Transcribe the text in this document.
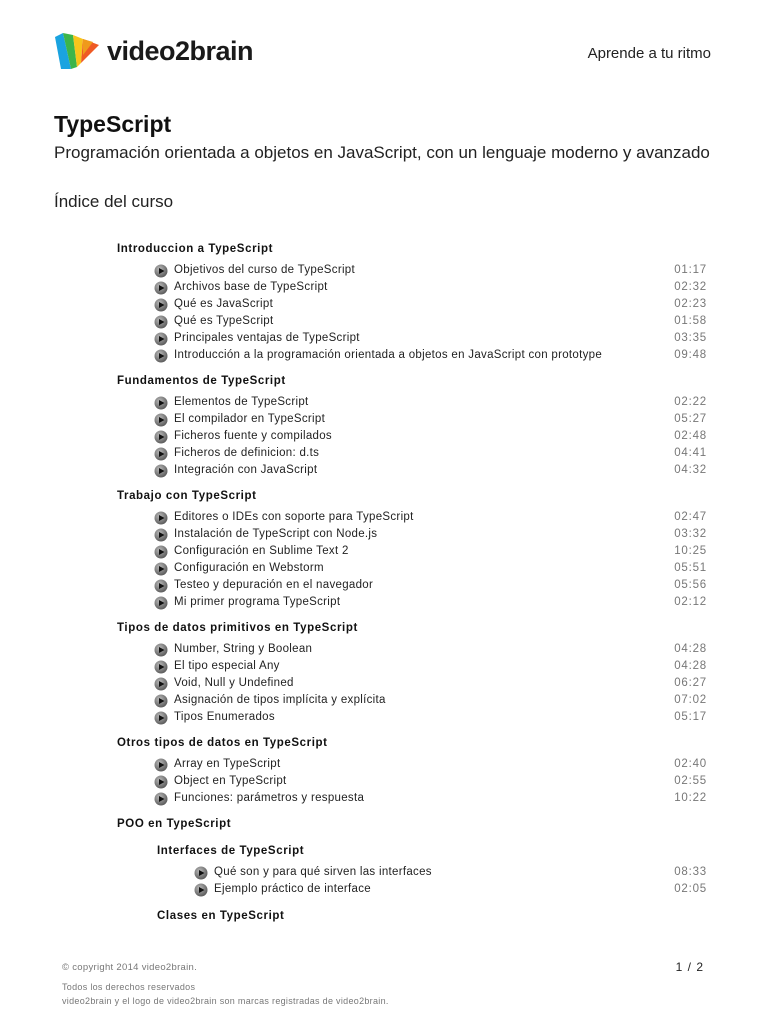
video2brain	Aprende a tu ritmo
TypeScript
Programación orientada a objetos en JavaScript, con un lenguaje moderno y avanzado
Índice del curso
Introduccion a TypeScript
Objetivos del curso de TypeScript	01:17
Archivos base de TypeScript	02:32
Qué es JavaScript	02:23
Qué es TypeScript	01:58
Principales ventajas de TypeScript	03:35
Introducción a la programación orientada a objetos en JavaScript con prototype	09:48
Fundamentos de TypeScript
Elementos de TypeScript	02:22
El compilador en TypeScript	05:27
Ficheros fuente y compilados	02:48
Ficheros de definicion: d.ts	04:41
Integración con JavaScript	04:32
Trabajo con TypeScript
Editores o IDEs con soporte para TypeScript	02:47
Instalación de TypeScript con Node.js	03:32
Configuración en Sublime Text 2	10:25
Configuración en Webstorm	05:51
Testeo y depuración en el navegador	05:56
Mi primer programa TypeScript	02:12
Tipos de datos primitivos en TypeScript
Number, String y Boolean	04:28
El tipo especial Any	04:28
Void, Null y Undefined	06:27
Asignación de tipos implícita y explícita	07:02
Tipos Enumerados	05:17
Otros tipos de datos en TypeScript
Array en TypeScript	02:40
Object en TypeScript	02:55
Funciones: parámetros y respuesta	10:22
POO en TypeScript
Interfaces de TypeScript
Qué son y para qué sirven las interfaces	08:33
Ejemplo práctico de interface	02:05
Clases en TypeScript
© copyright 2014 video2brain.
Todos los derechos reservados
video2brain y el logo de video2brain son marcas registradas de video2brain.
1 / 2
